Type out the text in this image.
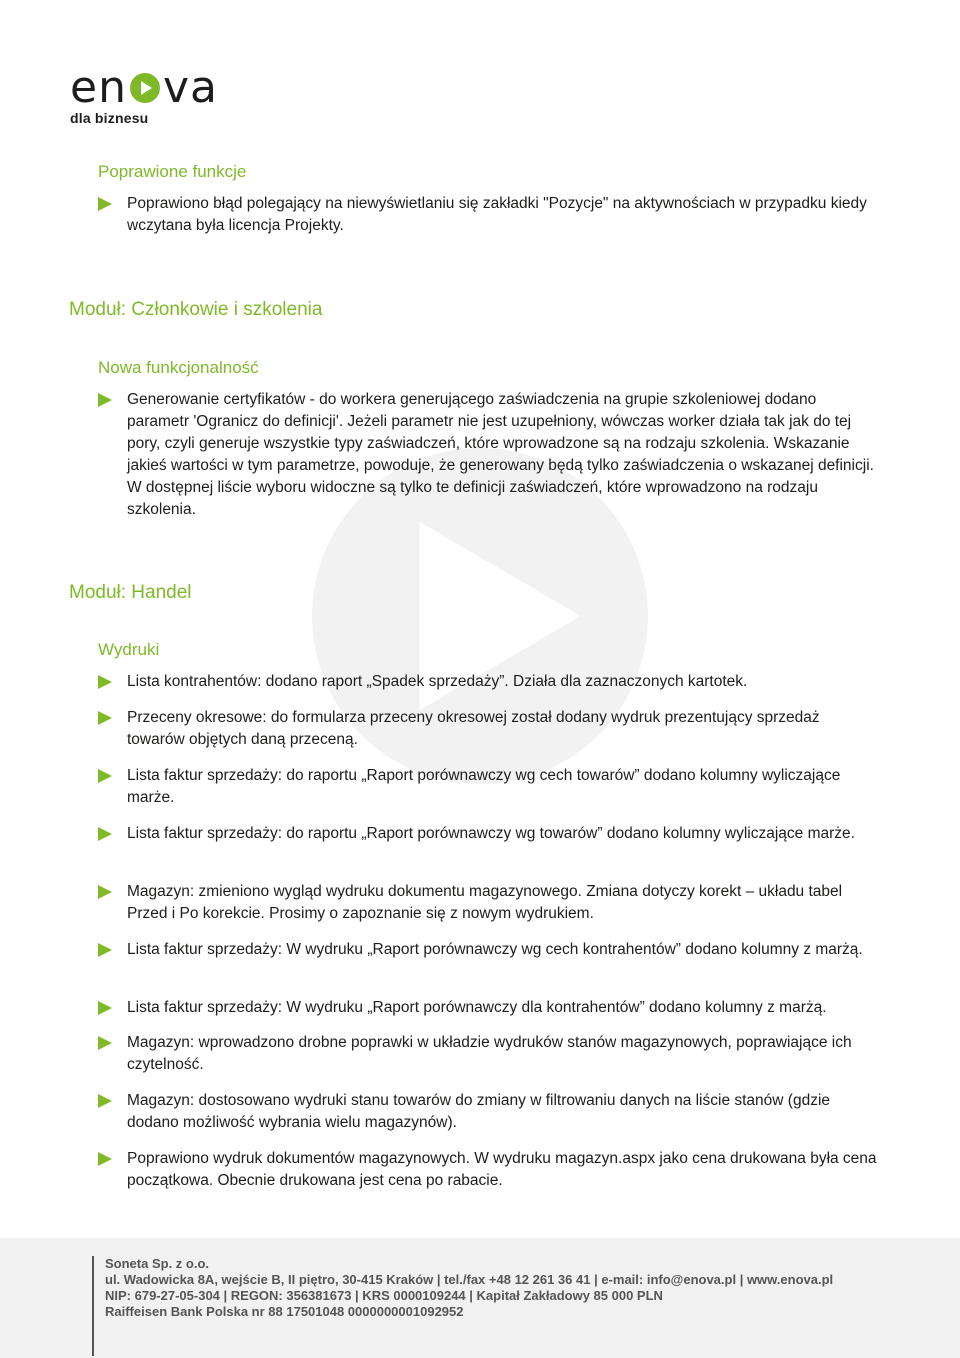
en va
dla biznesu
Poprawione funkcje
Poprawiono błąd polegający na niewyświetlaniu się zakładki "Pozycje" na aktywnościach w przypadku kiedy wczytana była licencja Projekty.
Moduł: Członkowie i szkolenia
Nowa funkcjonalność
Generowanie certyfikatów - do workera generującego zaświadczenia na grupie szkoleniowej dodano parametr 'Ogranicz do definicji'. Jeżeli parametr nie jest uzupełniony, wówczas worker działa tak jak do tej pory, czyli generuje wszystkie typy zaświadczeń, które wprowadzone są na rodzaju szkolenia. Wskazanie jakieś wartości w tym parametrze, powoduje, że generowany będą tylko zaświadczenia o wskazanej definicji. W dostępnej liście wyboru widoczne są tylko te definicji zaświadczeń, które wprowadzono na rodzaju szkolenia.
Moduł: Handel
Wydruki
Lista kontrahentów: dodano raport „Spadek sprzedaży”. Działa dla zaznaczonych kartotek.
Przeceny okresowe: do formularza przeceny okresowej został dodany wydruk prezentujący sprzedaż towarów objętych daną przeceną.
Lista faktur sprzedaży: do raportu „Raport porównawczy wg cech towarów” dodano kolumny wyliczające marże.
Lista faktur sprzedaży: do raportu „Raport porównawczy wg towarów” dodano kolumny wyliczające marże.
Magazyn: zmieniono wygląd wydruku dokumentu magazynowego. Zmiana dotyczy korekt – układu tabel Przed i Po korekcie. Prosimy o zapoznanie się z nowym wydrukiem.
Lista faktur sprzedaży: W wydruku „Raport porównawczy wg cech kontrahentów” dodano kolumny z marżą.
Lista faktur sprzedaży: W wydruku „Raport porównawczy dla kontrahentów” dodano kolumny z marżą.
Magazyn: wprowadzono drobne poprawki w układzie wydruków stanów magazynowych, poprawiające ich czytelność.
Magazyn: dostosowano wydruki stanu towarów do zmiany w filtrowaniu danych na liście stanów (gdzie dodano możliwość wybrania wielu magazynów).
Poprawiono wydruk dokumentów magazynowych. W wydruku magazyn.aspx jako cena drukowana była cena początkowa. Obecnie drukowana jest cena po rabacie.
Soneta Sp. z o.o.
ul. Wadowicka 8A, wejście B, II piętro, 30-415 Kraków | tel./fax +48 12 261 36 41 | e-mail: info@enova.pl | www.enova.pl
NIP: 679-27-05-304 | REGON: 356381673 | KRS 0000109244 | Kapitał Zakładowy 85 000 PLN
Raiffeisen Bank Polska nr 88 17501048 0000000001092952
